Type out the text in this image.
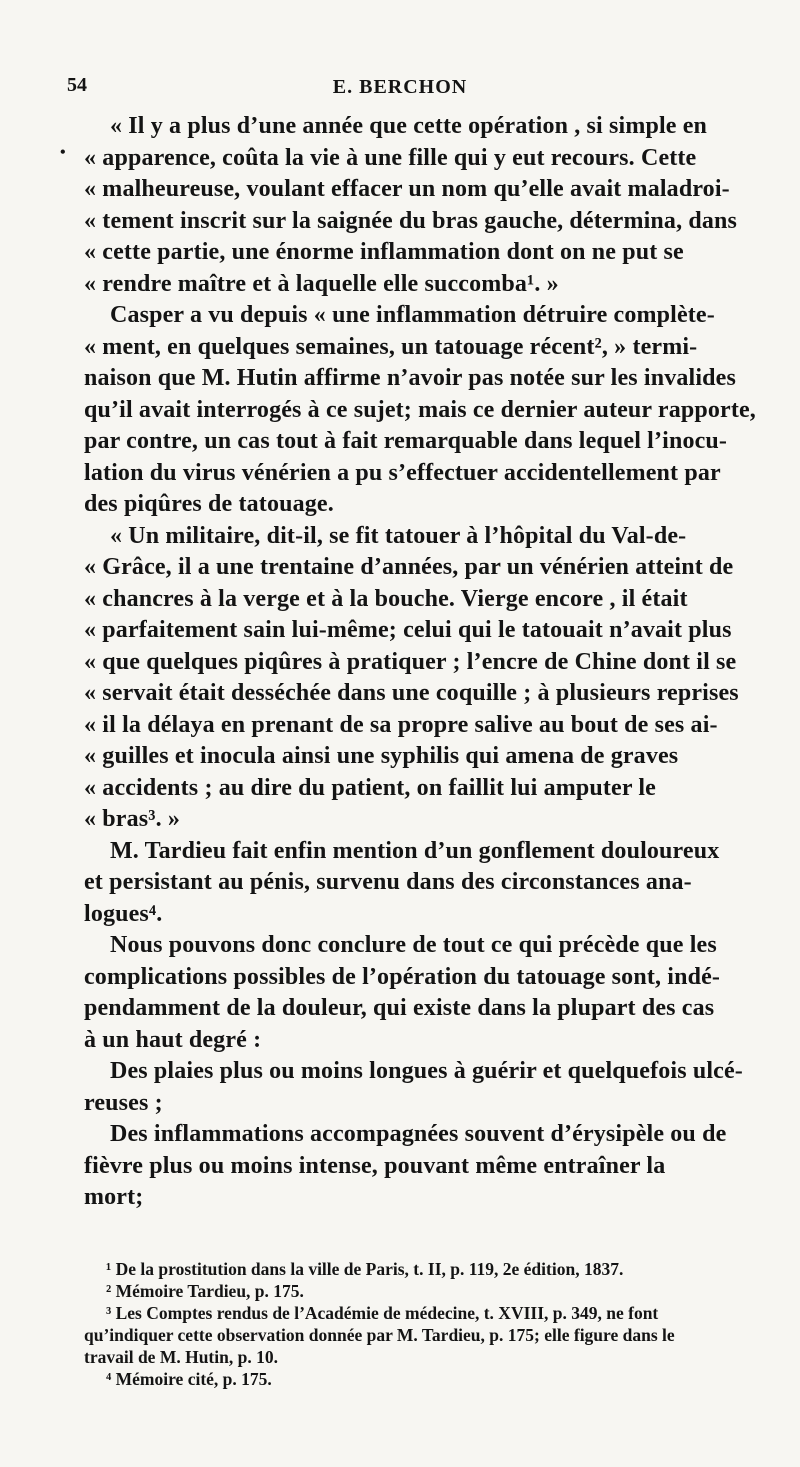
54	E. BERCHON
•
« Il y a plus d’une année que cette opération , si simple en
« apparence, coûta la vie à une fille qui y eut recours. Cette
« malheureuse, voulant effacer un nom qu’elle avait maladroi-
« tement inscrit sur la saignée du bras gauche, détermina, dans
« cette partie, une énorme inflammation dont on ne put se
« rendre maître et à laquelle elle succomba¹. »
Casper a vu depuis « une inflammation détruire complète-
« ment, en quelques semaines, un tatouage récent², » termi-
naison que M. Hutin affirme n’avoir pas notée sur les invalides
qu’il avait interrogés à ce sujet; mais ce dernier auteur rapporte,
par contre, un cas tout à fait remarquable dans lequel l’inocu-
lation du virus vénérien a pu s’effectuer accidentellement par
des piqûres de tatouage.
« Un militaire, dit-il, se fit tatouer à l’hôpital du Val-de-
« Grâce, il a une trentaine d’années, par un vénérien atteint de
« chancres à la verge et à la bouche. Vierge encore , il était
« parfaitement sain lui-même; celui qui le tatouait n’avait plus
« que quelques piqûres à pratiquer ; l’encre de Chine dont il se
« servait était desséchée dans une coquille ; à plusieurs reprises
« il la délaya en prenant de sa propre salive au bout de ses ai-
« guilles et inocula ainsi une syphilis qui amena de graves
« accidents ; au dire du patient, on faillit lui amputer le
« bras³. »
M. Tardieu fait enfin mention d’un gonflement douloureux
et persistant au pénis, survenu dans des circonstances ana-
logues⁴.
Nous pouvons donc conclure de tout ce qui précède que les
complications possibles de l’opération du tatouage sont, indé-
pendamment de la douleur, qui existe dans la plupart des cas
à un haut degré :
Des plaies plus ou moins longues à guérir et quelquefois ulcé-
reuses ;
Des inflammations accompagnées souvent d’érysipèle ou de
fièvre plus ou moins intense, pouvant même entraîner la
mort;
¹ De la prostitution dans la ville de Paris, t. II, p. 119, 2e édition, 1837.
² Mémoire Tardieu, p. 175.
³ Les Comptes rendus de l’Académie de médecine, t. XVIII, p. 349, ne font
qu’indiquer cette observation donnée par M. Tardieu, p. 175; elle figure dans le
travail de M. Hutin, p. 10.
⁴ Mémoire cité, p. 175.
